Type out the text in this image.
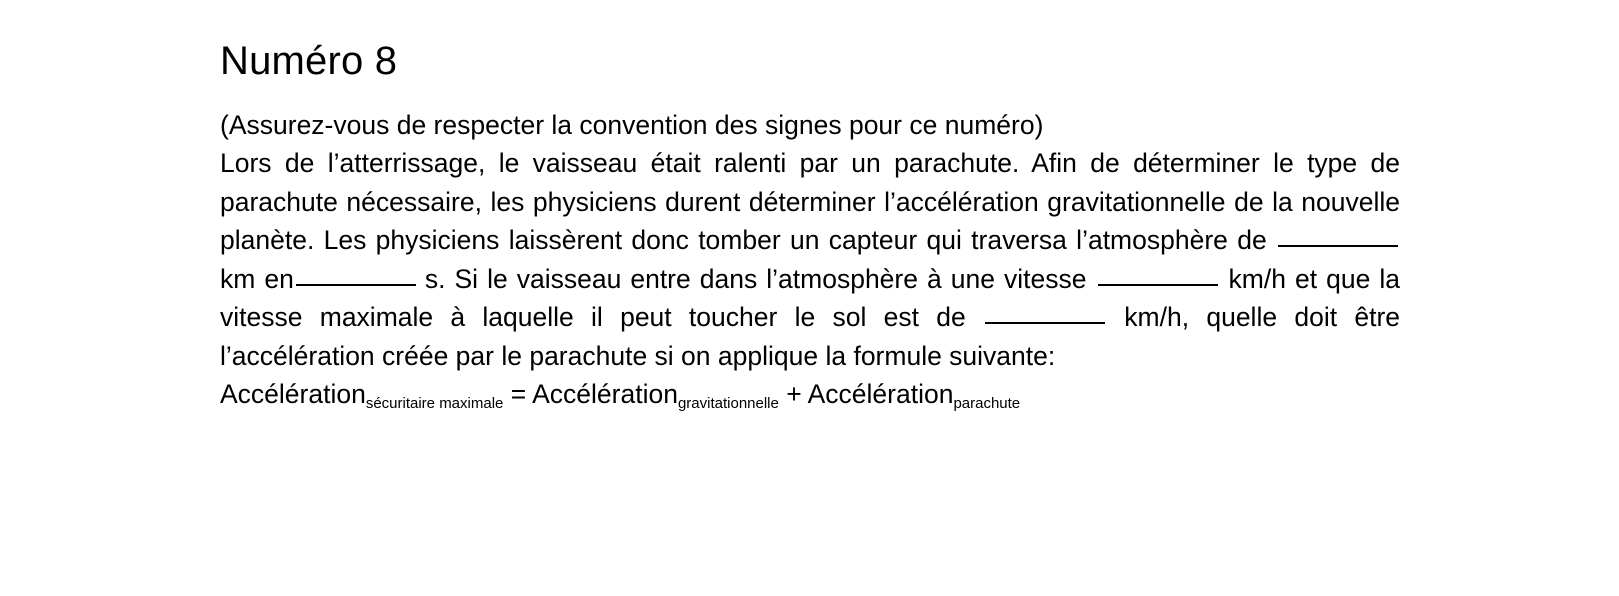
Numéro 8

(Assurez-vous de respecter la convention des signes pour ce numéro)

Lors de l’atterrissage, le vaisseau était ralenti par un parachute. Afin de déterminer le type de parachute nécessaire, les physiciens durent déterminer l’accélération gravitationnelle de la nouvelle planète. Les physiciens laissèrent donc tomber un capteur qui traversa l’atmosphère de  km en	s. Si le vaisseau entre dans l’atmosphère à une vitesse	km/h et que la vitesse maximale à laquelle il peut toucher le sol est de	km/h, quelle doit être l’accélération créée par le parachute si on applique la formule suivante:

Accélération$_{sécuritaire maximale}$ = Accélération$_{gravitationnelle}$ + Accélération$_{parachute}$
